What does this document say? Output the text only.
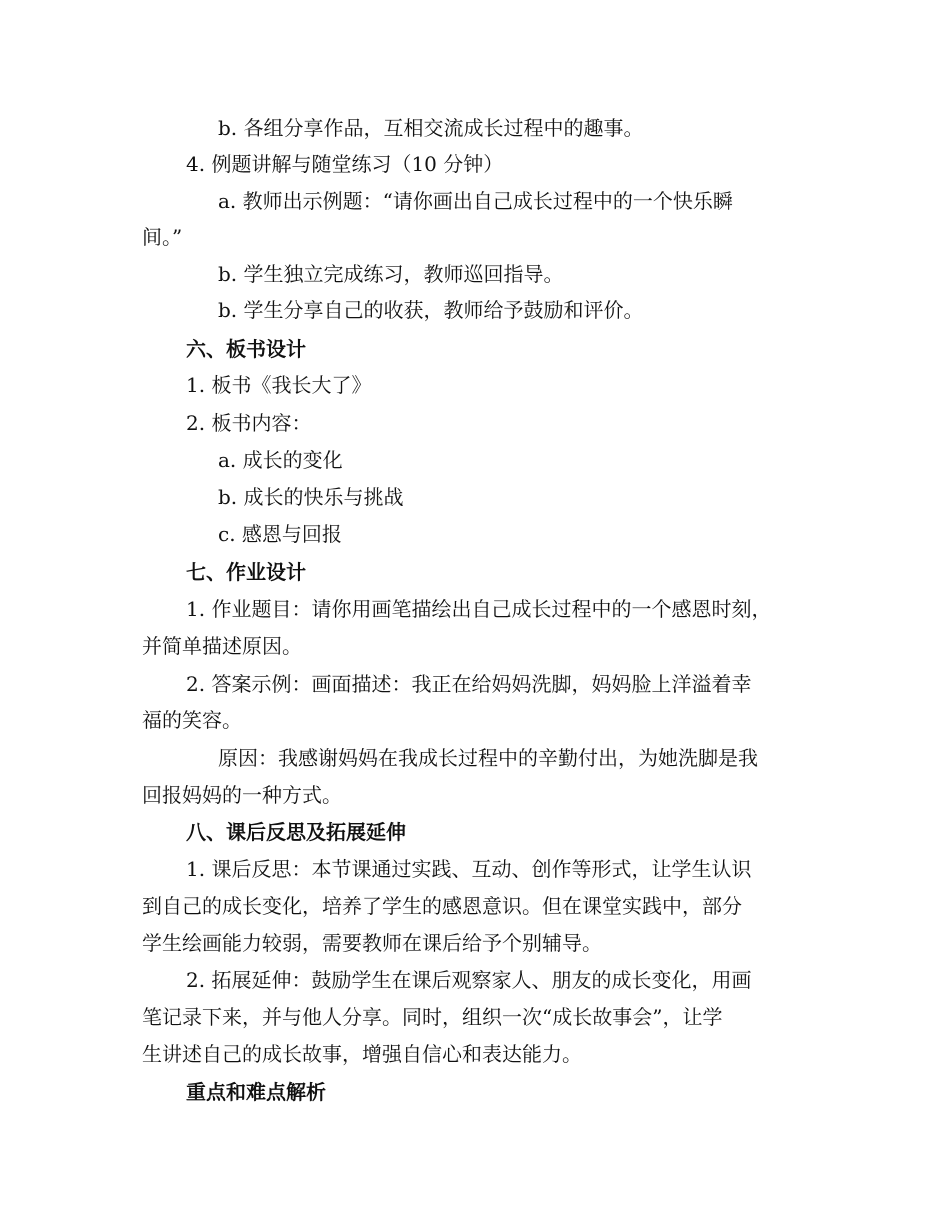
b. 各组分享作品，互相交流成长过程中的趣事。
4. 例题讲解与随堂练习（10 分钟）
a. 教师出示例题：“请你画出自己成长过程中的一个快乐瞬
间。”
b. 学生独立完成练习，教师巡回指导。
b. 学生分享自己的收获，教师给予鼓励和评价。
六、板书设计
1. 板书《我长大了》
2. 板书内容：
a. 成长的变化
b. 成长的快乐与挑战
c. 感恩与回报
七、作业设计
1. 作业题目：请你用画笔描绘出自己成长过程中的一个感恩时刻，
并简单描述原因。
2. 答案示例：画面描述：我正在给妈妈洗脚，妈妈脸上洋溢着幸
福的笑容。
原因：我感谢妈妈在我成长过程中的辛勤付出，为她洗脚是我
回报妈妈的一种方式。
八、课后反思及拓展延伸
1. 课后反思：本节课通过实践、互动、创作等形式，让学生认识
到自己的成长变化，培养了学生的感恩意识。但在课堂实践中，部分
学生绘画能力较弱，需要教师在课后给予个别辅导。
2. 拓展延伸：鼓励学生在课后观察家人、朋友的成长变化，用画
笔记录下来，并与他人分享。同时，组织一次“成长故事会”，让学
生讲述自己的成长故事，增强自信心和表达能力。
重点和难点解析
